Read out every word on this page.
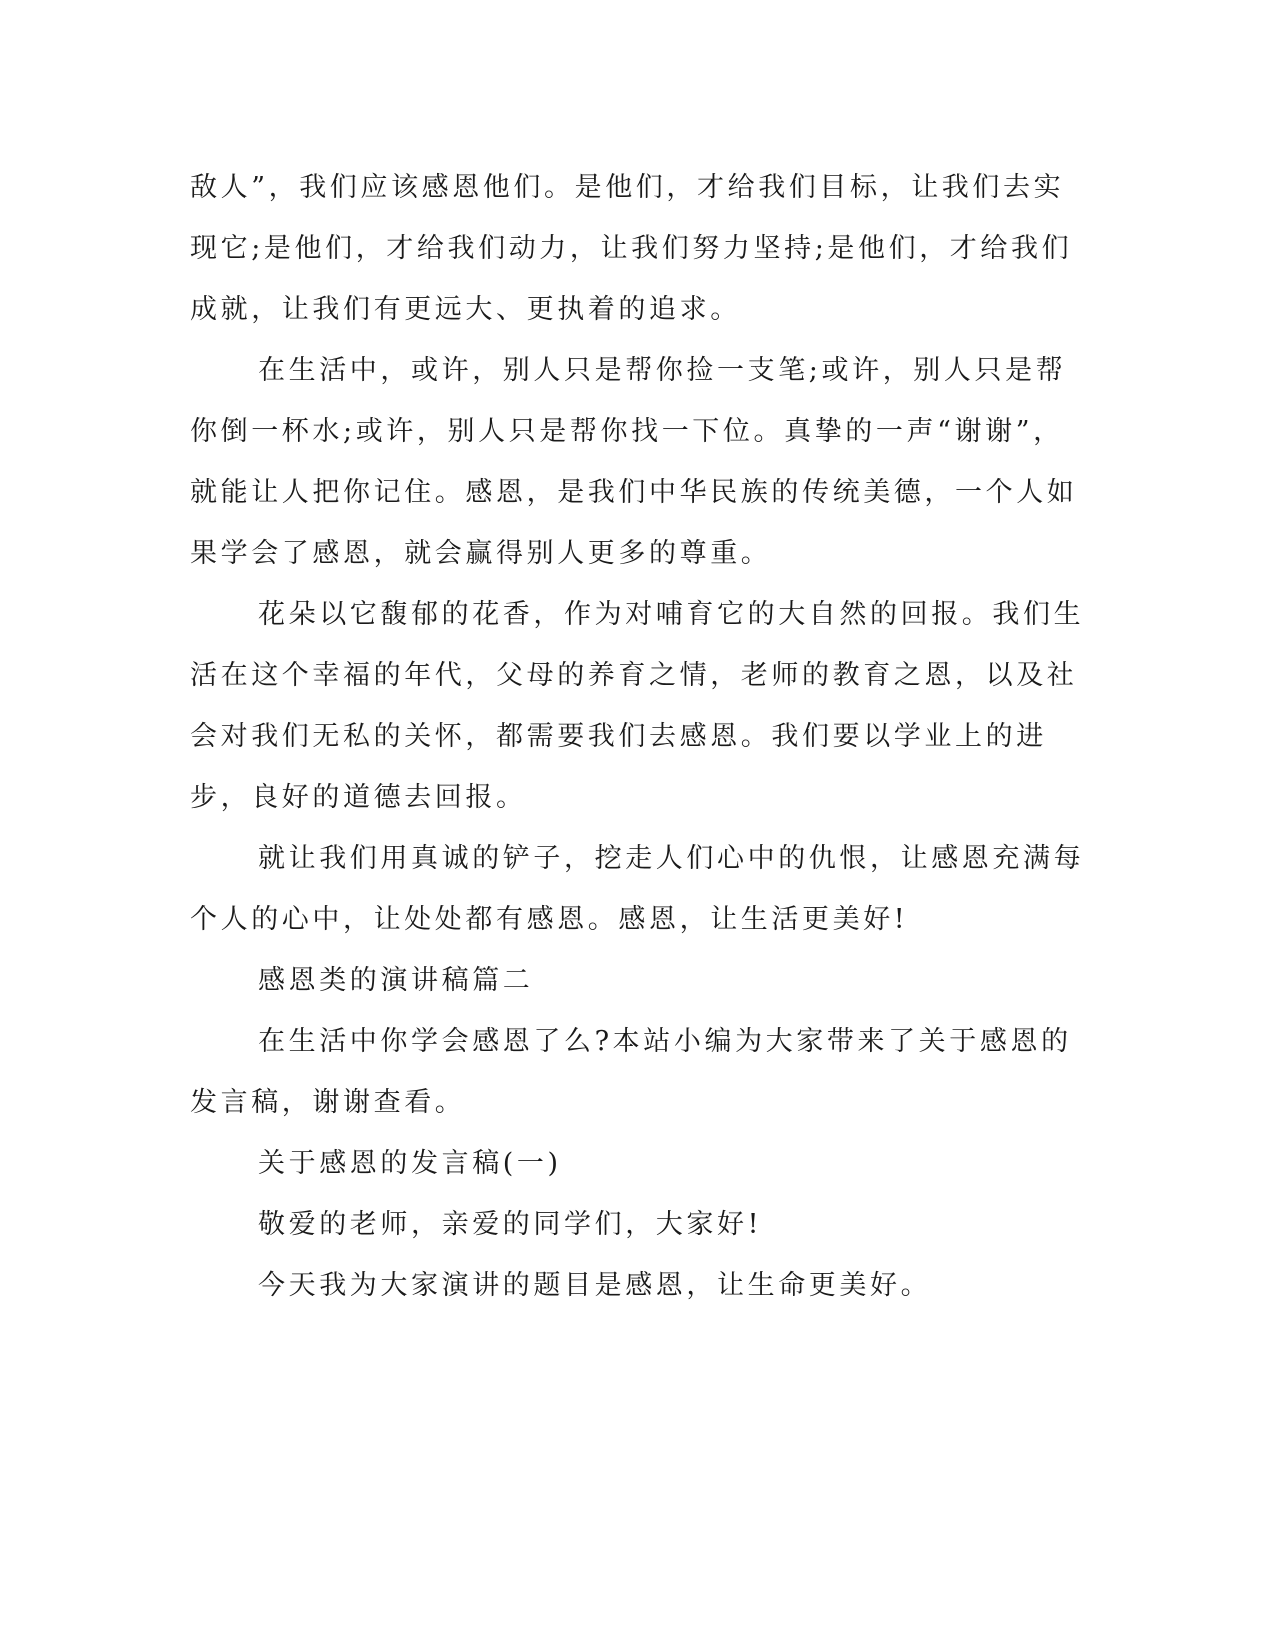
敌人”，我们应该感恩他们。是他们，才给我们目标，让我们去实现它;是他们，才给我们动力，让我们努力坚持;是他们，才给我们成就，让我们有更远大、更执着的追求。

在生活中，或许，别人只是帮你捡一支笔;或许，别人只是帮你倒一杯水;或许，别人只是帮你找一下位。真挚的一声“谢谢”，就能让人把你记住。感恩，是我们中华民族的传统美德，一个人如果学会了感恩，就会赢得别人更多的尊重。

花朵以它馥郁的花香，作为对哺育它的大自然的回报。我们生活在这个幸福的年代，父母的养育之情，老师的教育之恩，以及社会对我们无私的关怀，都需要我们去感恩。我们要以学业上的进步，良好的道德去回报。

就让我们用真诚的铲子，挖走人们心中的仇恨，让感恩充满每个人的心中，让处处都有感恩。感恩，让生活更美好!

感恩类的演讲稿篇二

在生活中你学会感恩了么?本站小编为大家带来了关于感恩的发言稿，谢谢查看。

关于感恩的发言稿(一)

敬爱的老师，亲爱的同学们，大家好!

今天我为大家演讲的题目是感恩，让生命更美好。
